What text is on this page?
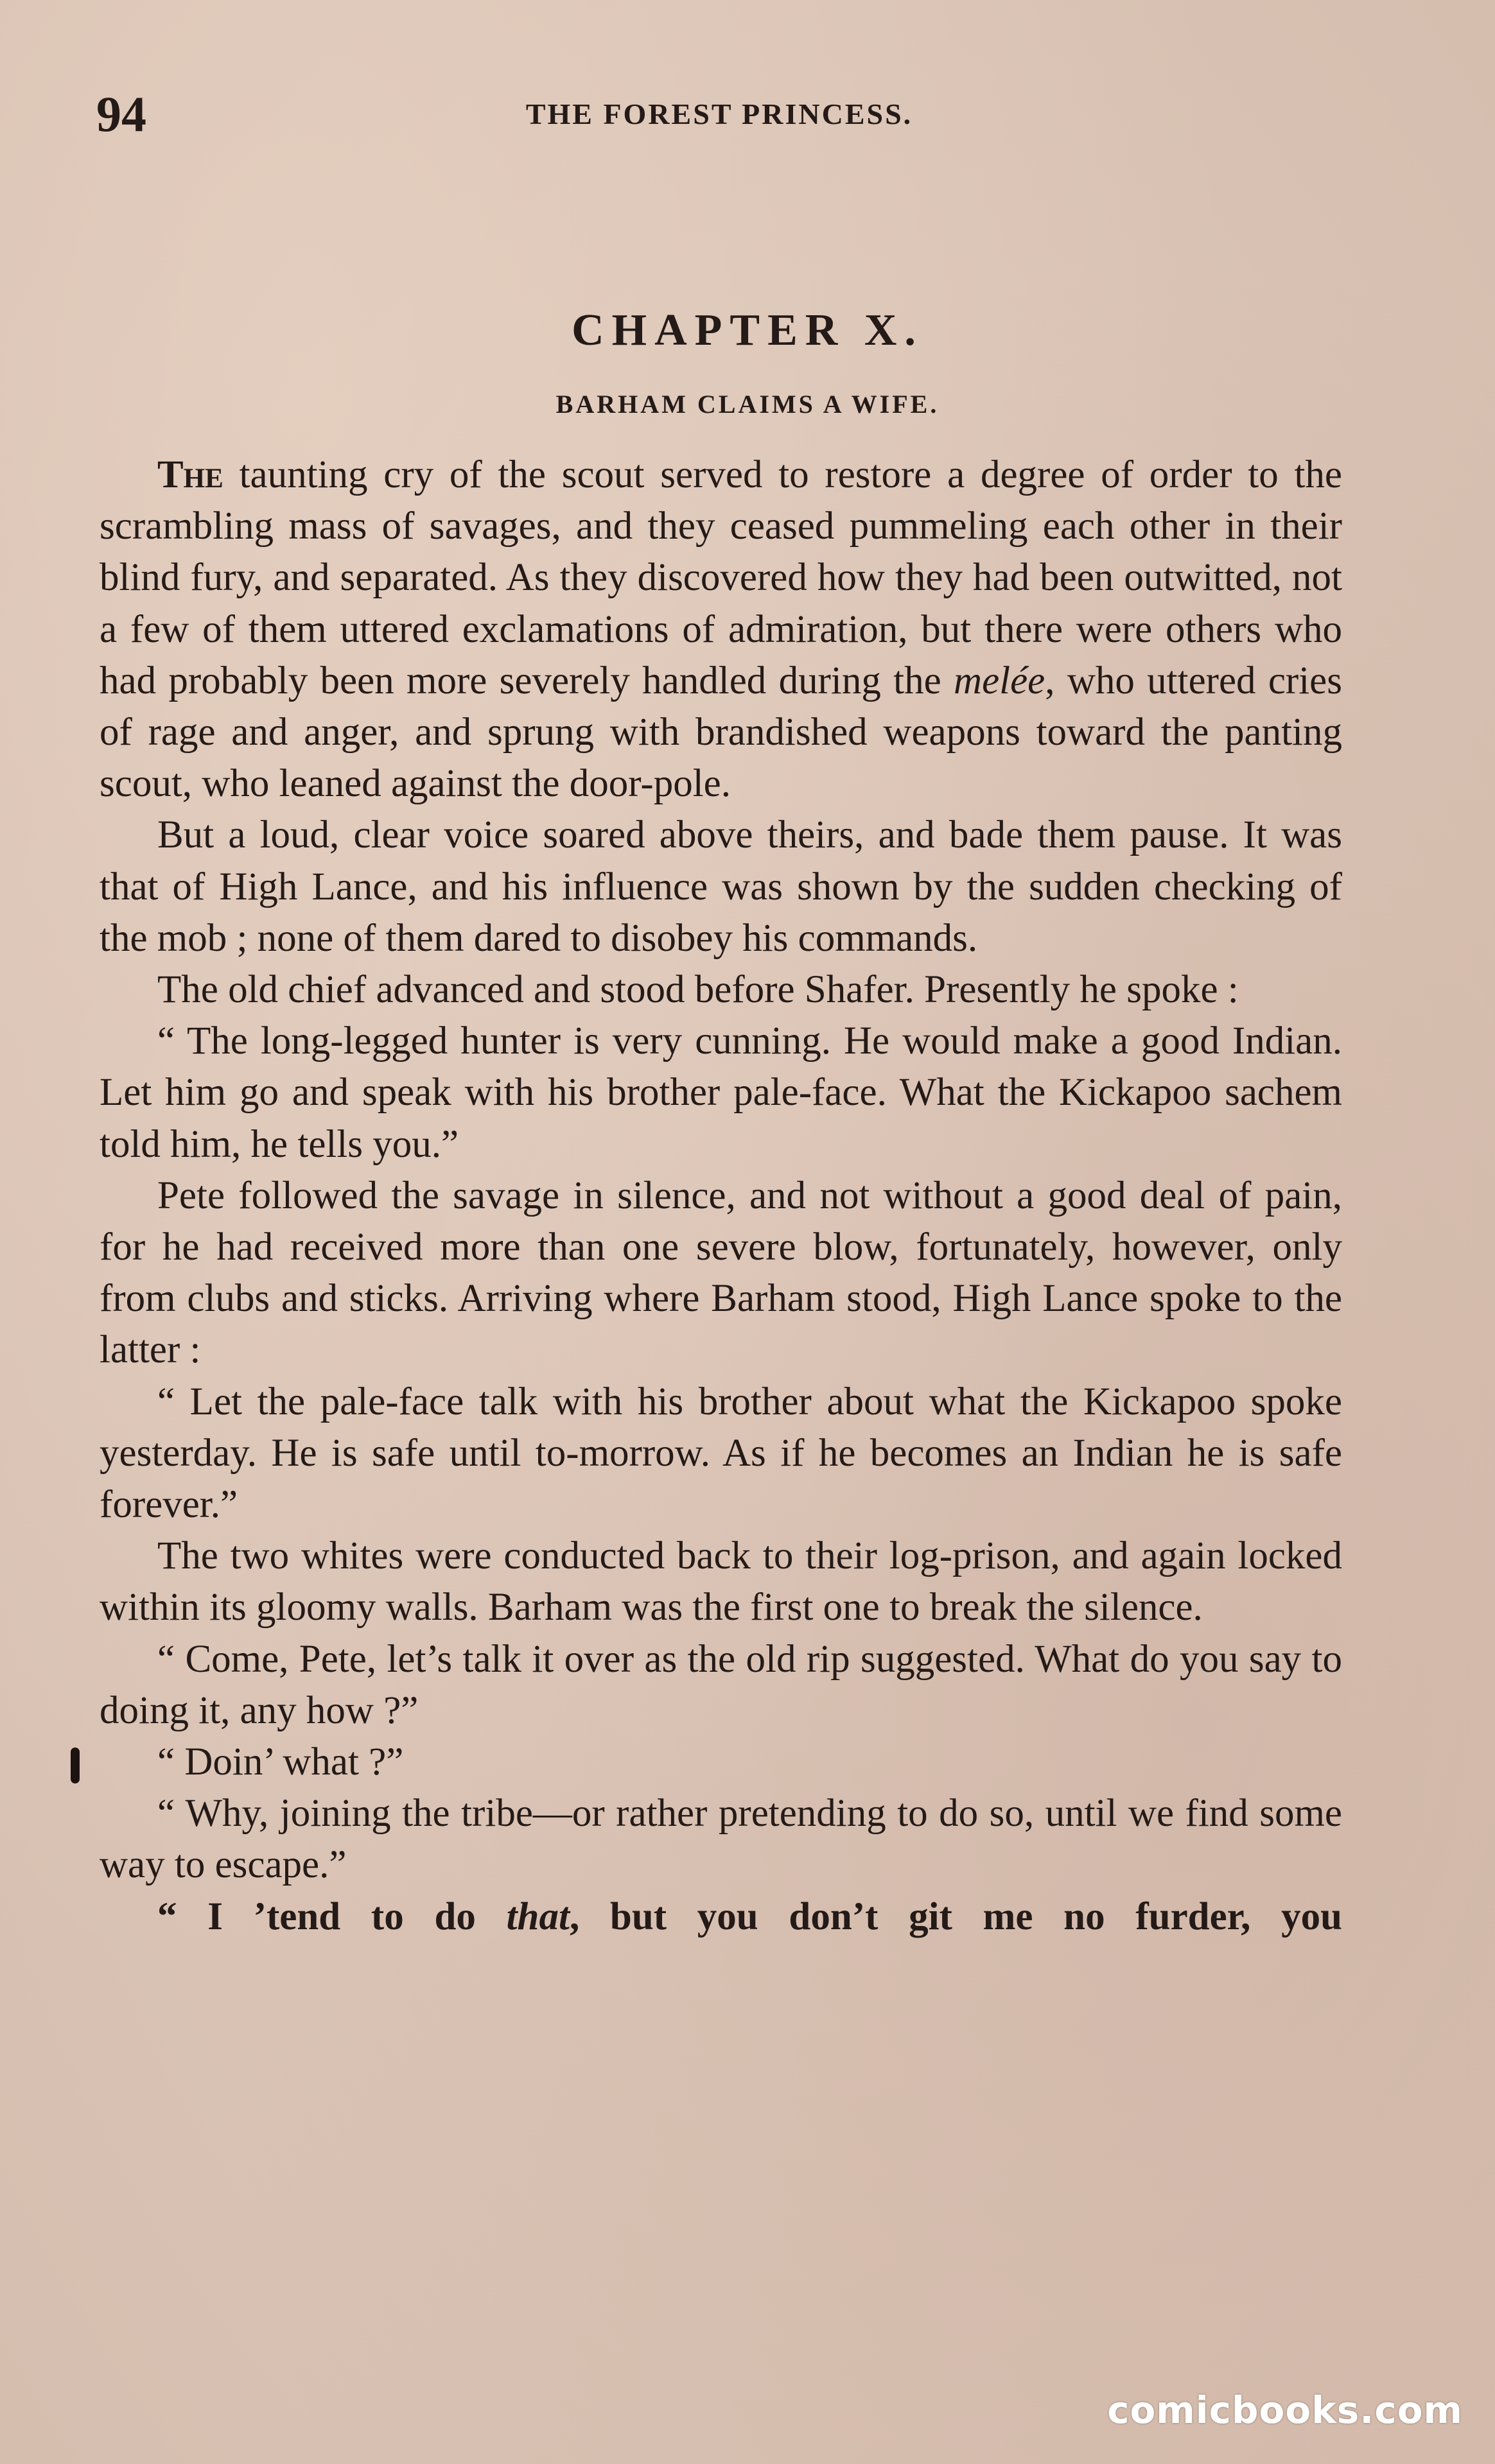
94	THE FOREST PRINCESS.
CHAPTER X.
BARHAM CLAIMS A WIFE.

The taunting cry of the scout served to restore a degree of order to the scrambling mass of savages, and they ceased pummeling each other in their blind fury, and separated. As they discovered how they had been outwitted, not a few of them uttered exclamations of admiration, but there were others who had probably been more severely handled during the melée, who uttered cries of rage and anger, and sprung with brandished weapons toward the panting scout, who leaned against the door-pole.

But a loud, clear voice soared above theirs, and bade them pause. It was that of High Lance, and his influence was shown by the sudden checking of the mob ; none of them dared to disobey his commands.

The old chief advanced and stood before Shafer. Presently he spoke :

“ The long-legged hunter is very cunning. He would make a good Indian. Let him go and speak with his brother pale-face. What the Kickapoo sachem told him, he tells you.”

Pete followed the savage in silence, and not without a good deal of pain, for he had received more than one severe blow, fortunately, however, only from clubs and sticks. Arriving where Barham stood, High Lance spoke to the latter :

“ Let the pale-face talk with his brother about what the Kickapoo spoke yesterday. He is safe until to-morrow. As if he becomes an Indian he is safe forever.”

The two whites were conducted back to their log-prison, and again locked within its gloomy walls. Barham was the first one to break the silence.

“ Come, Pete, let’s talk it over as the old rip suggested. What do you say to doing it, any how ?”

“ Doin’ what ?”

“ Why, joining the tribe—or rather pretending to do so, until we find some way to escape.”

“ I ’tend to do that, but you don’t git me no furder, you

comicbooks.com
